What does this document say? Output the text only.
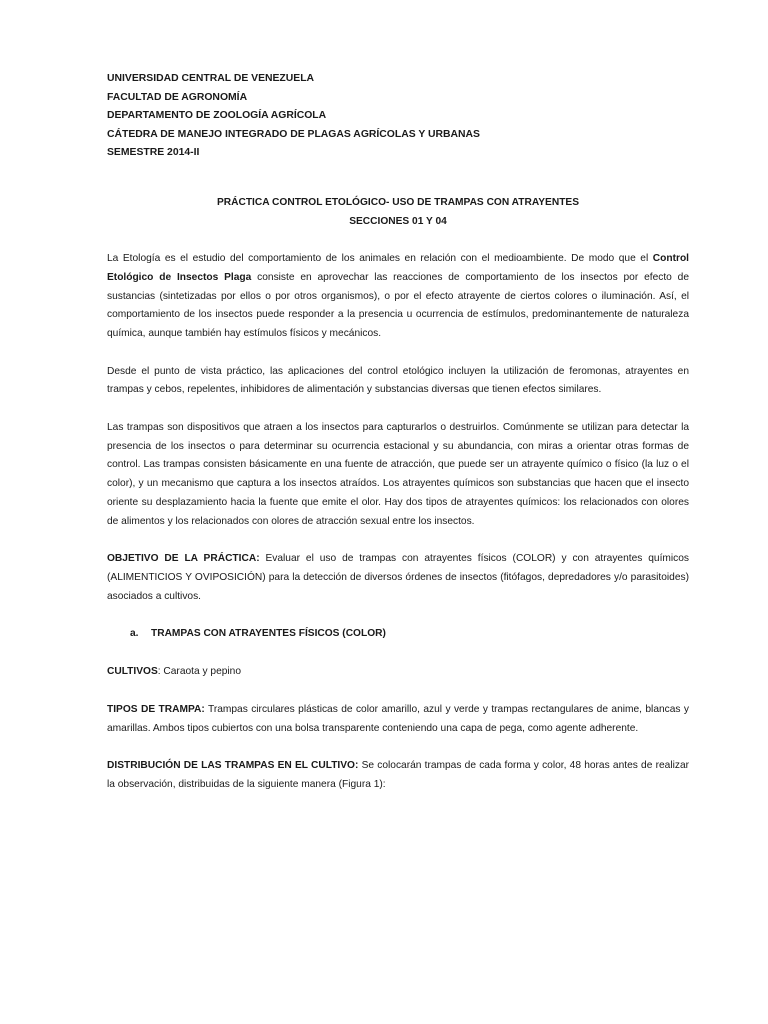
UNIVERSIDAD CENTRAL DE VENEZUELA
FACULTAD DE AGRONOMÍA
DEPARTAMENTO DE ZOOLOGÍA AGRÍCOLA
CÁTEDRA DE MANEJO INTEGRADO DE PLAGAS AGRÍCOLAS Y URBANAS
SEMESTRE 2014-II
PRÁCTICA CONTROL ETOLÓGICO- USO DE TRAMPAS CON ATRAYENTES
SECCIONES 01 Y 04

La Etología es el estudio del comportamiento de los animales en relación con el medioambiente. De modo que el Control Etológico de Insectos Plaga consiste en aprovechar las reacciones de comportamiento de los insectos por efecto de sustancias (sintetizadas por ellos o por otros organismos), o por el efecto atrayente de ciertos colores o iluminación. Así, el comportamiento de los insectos puede responder a la presencia u ocurrencia de estímulos, predominantemente de naturaleza química, aunque también hay estímulos físicos y mecánicos.

Desde el punto de vista práctico, las aplicaciones del control etológico incluyen la utilización de feromonas, atrayentes en trampas y cebos, repelentes, inhibidores de alimentación y substancias diversas que tienen efectos similares.

Las trampas son dispositivos que atraen a los insectos para capturarlos o destruirlos. Comúnmente se utilizan para detectar la presencia de los insectos o para determinar su ocurrencia estacional y su abundancia, con miras a orientar otras formas de control. Las trampas consisten básicamente en una fuente de atracción, que puede ser un atrayente químico o físico (la luz o el color), y un mecanismo que captura a los insectos atraídos. Los atrayentes químicos son substancias que hacen que el insecto oriente su desplazamiento hacia la fuente que emite el olor. Hay dos tipos de atrayentes químicos: los relacionados con olores de alimentos y los relacionados con olores de atracción sexual entre los insectos.

OBJETIVO DE LA PRÁCTICA: Evaluar el uso de trampas con atrayentes físicos (COLOR) y con atrayentes químicos (ALIMENTICIOS Y OVIPOSICIÓN) para la detección de diversos órdenes de insectos (fitófagos, depredadores y/o parasitoides) asociados a cultivos.

a. TRAMPAS CON ATRAYENTES FÍSICOS (COLOR)

CULTIVOS: Caraota y pepino

TIPOS DE TRAMPA: Trampas circulares plásticas de color amarillo, azul y verde y trampas rectangulares de anime, blancas y amarillas. Ambos tipos cubiertos con una bolsa transparente conteniendo una capa de pega, como agente adherente.

DISTRIBUCIÓN DE LAS TRAMPAS EN EL CULTIVO: Se colocarán trampas de cada forma y color, 48 horas antes de realizar la observación, distribuidas de la siguiente manera (Figura 1):
